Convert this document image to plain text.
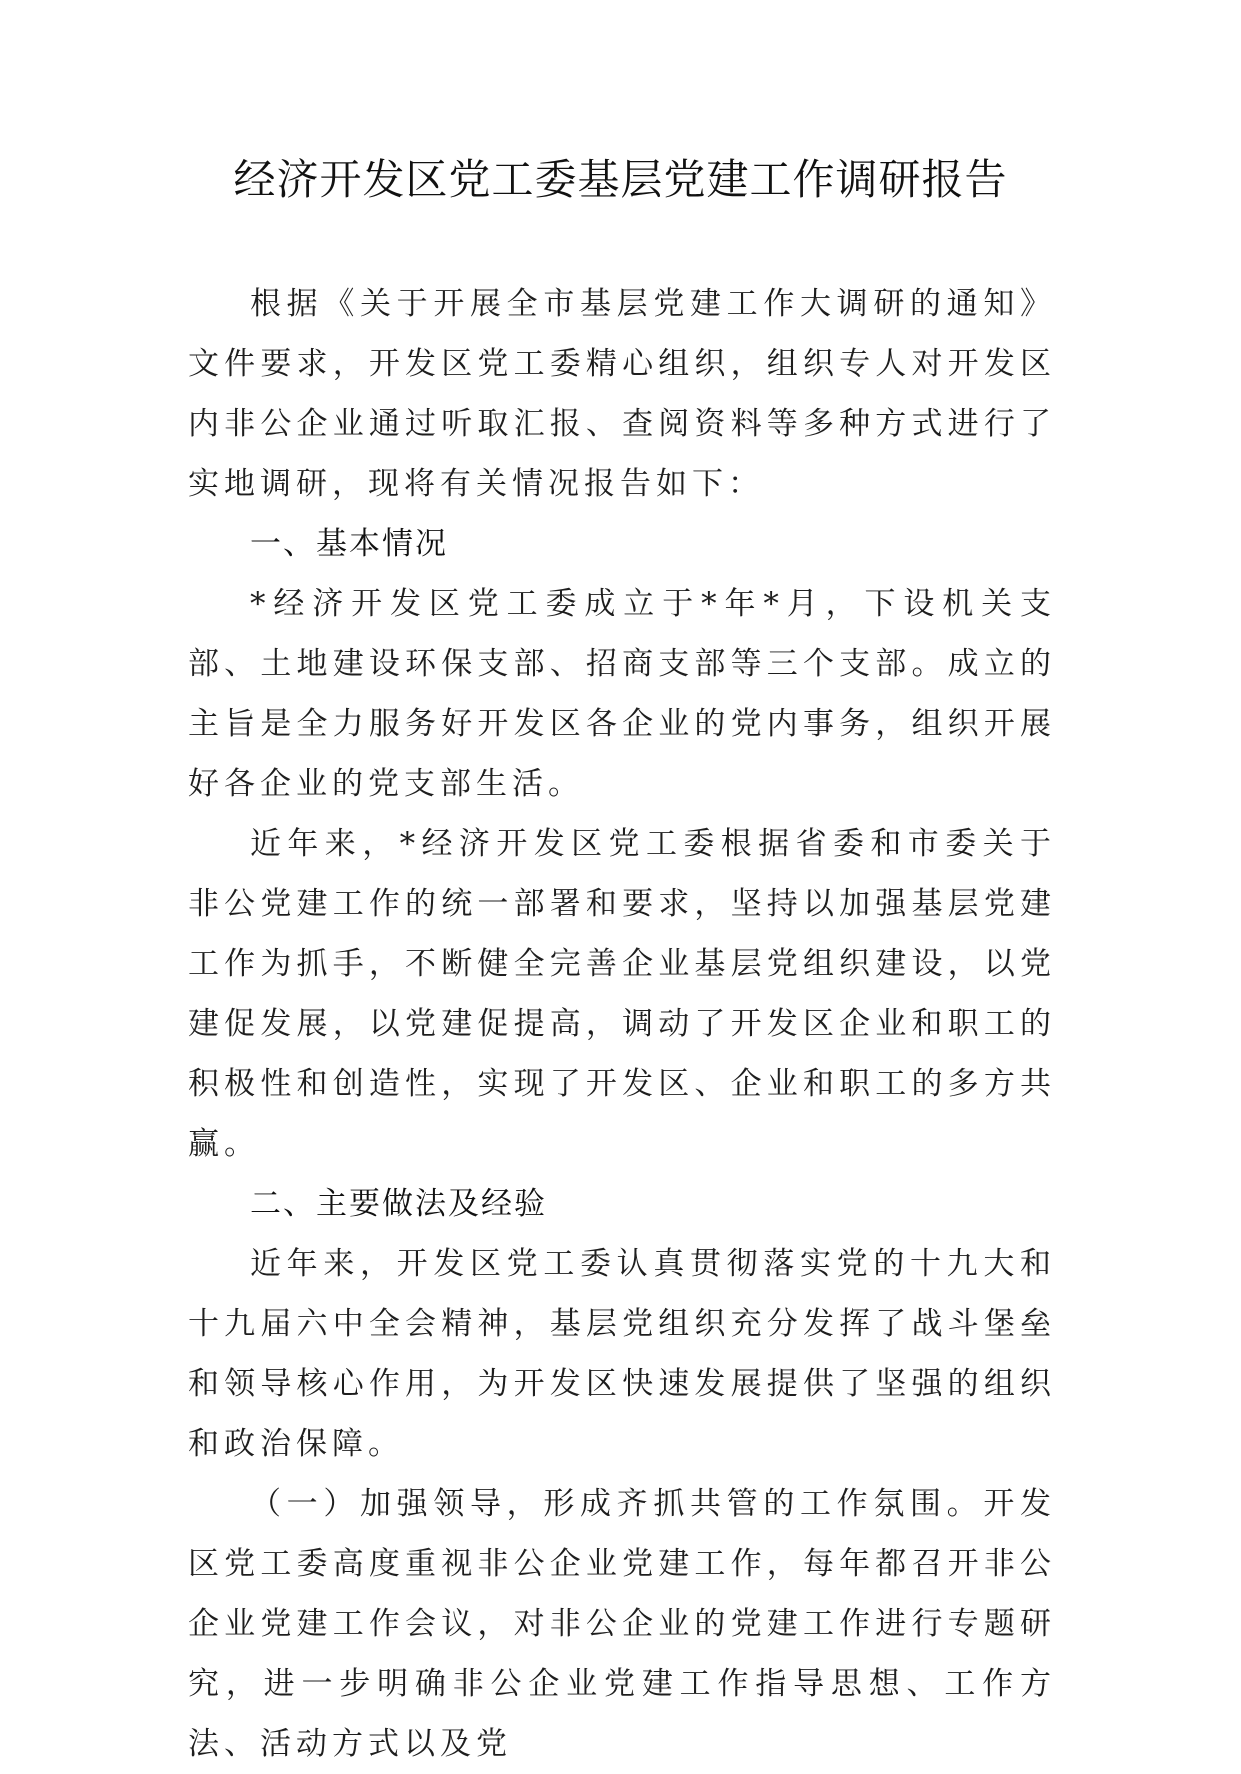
经济开发区党工委基层党建工作调研报告

根据《关于开展全市基层党建工作大调研的通知》文件要求，开发区党工委精心组织，组织专人对开发区内非公企业通过听取汇报、查阅资料等多种方式进行了实地调研，现将有关情况报告如下：

一、基本情况

*经济开发区党工委成立于*年*月，下设机关支部、土地建设环保支部、招商支部等三个支部。成立的主旨是全力服务好开发区各企业的党内事务，组织开展好各企业的党支部生活。

近年来，*经济开发区党工委根据省委和市委关于非公党建工作的统一部署和要求，坚持以加强基层党建工作为抓手，不断健全完善企业基层党组织建设，以党建促发展，以党建促提高，调动了开发区企业和职工的积极性和创造性，实现了开发区、企业和职工的多方共赢。

二、主要做法及经验

近年来，开发区党工委认真贯彻落实党的十九大和十九届六中全会精神，基层党组织充分发挥了战斗堡垒和领导核心作用，为开发区快速发展提供了坚强的组织和政治保障。

（一）加强领导，形成齐抓共管的工作氛围。开发区党工委高度重视非公企业党建工作，每年都召开非公企业党建工作会议，对非公企业的党建工作进行专题研究，进一步明确非公企业党建工作指导思想、工作方法、活动方式以及党
